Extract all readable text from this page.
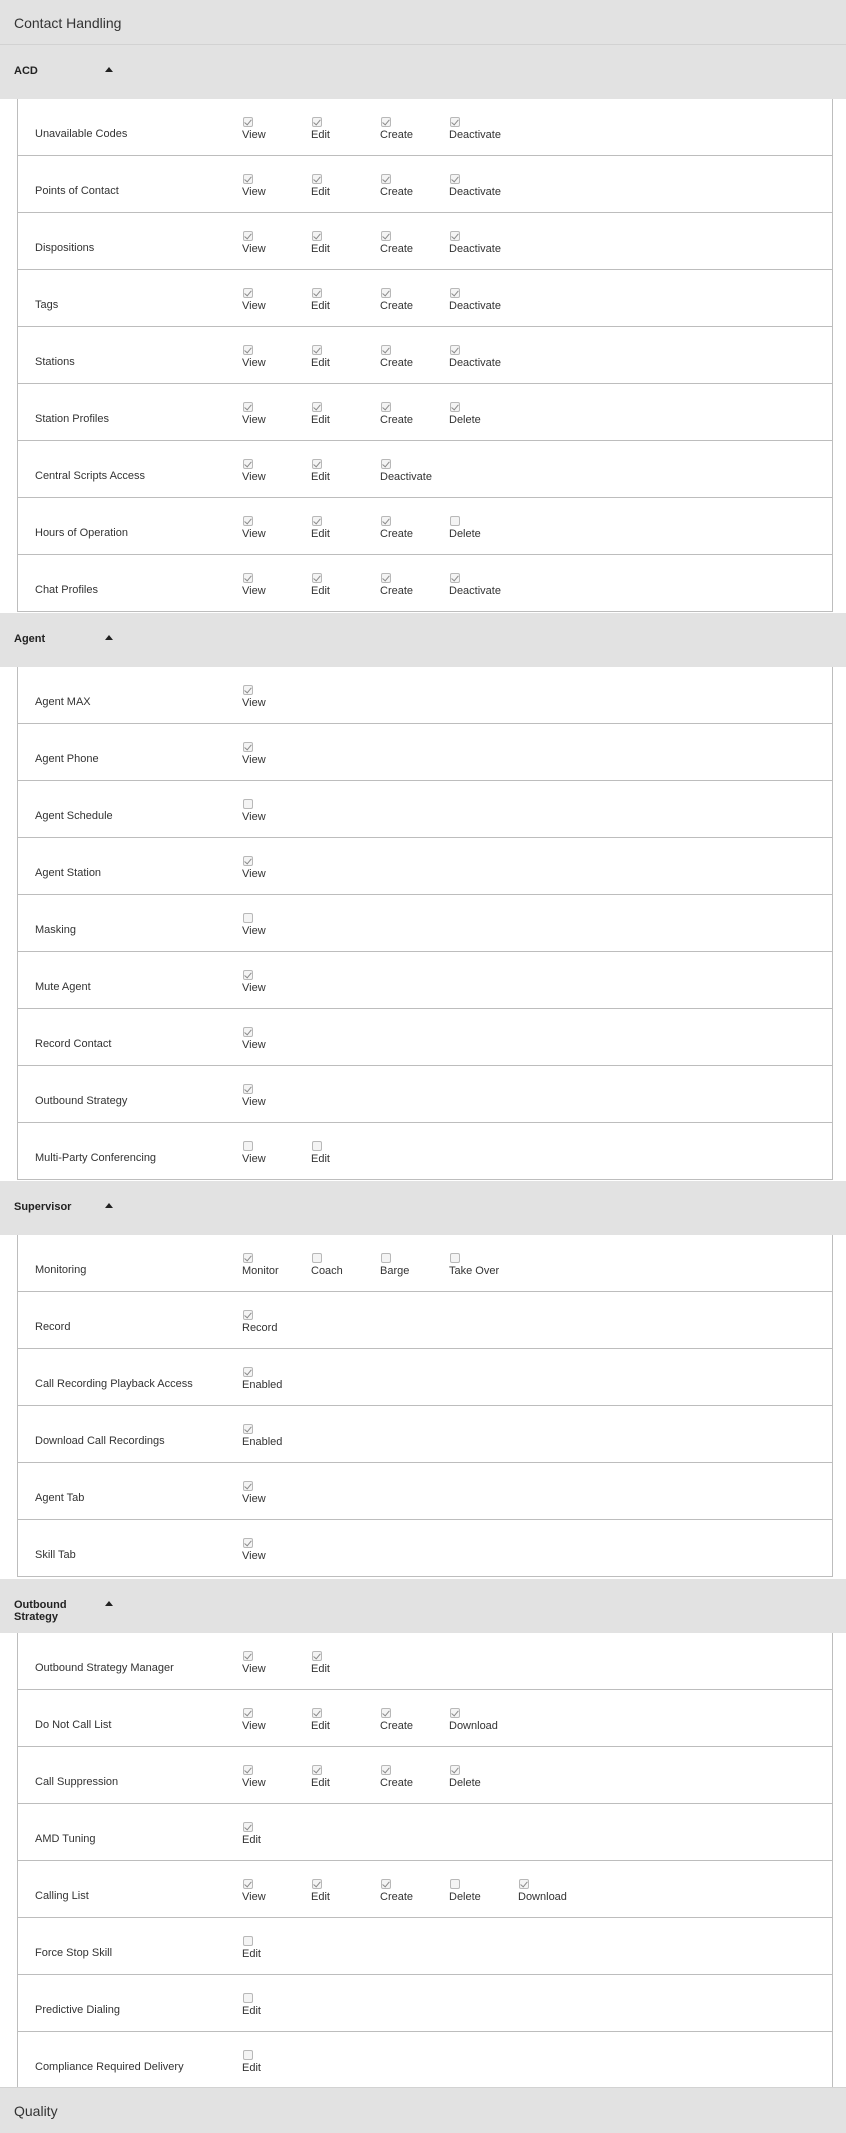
Contact Handling
ACD
Unavailable Codes	View	Edit	Create	Deactivate
Points of Contact	View	Edit	Create	Deactivate
Dispositions	View	Edit	Create	Deactivate
Tags	View	Edit	Create	Deactivate
Stations	View	Edit	Create	Deactivate
Station Profiles	View	Edit	Create	Delete
Central Scripts Access	View	Edit	Deactivate
Hours of Operation	View	Edit	Create	Delete
Chat Profiles	View	Edit	Create	Deactivate
Agent
Agent MAX	View
Agent Phone	View
Agent Schedule	View
Agent Station	View
Masking	View
Mute Agent	View
Record Contact	View
Outbound Strategy	View
Multi-Party Conferencing	View	Edit
Supervisor
Monitoring	Monitor	Coach	Barge	Take Over
Record	Record
Call Recording Playback Access	Enabled
Download Call Recordings	Enabled
Agent Tab	View
Skill Tab	View
Outbound Strategy
Outbound Strategy Manager	View	Edit
Do Not Call List	View	Edit	Create	Download
Call Suppression	View	Edit	Create	Delete
AMD Tuning	Edit
Calling List	View	Edit	Create	Delete	Download
Force Stop Skill	Edit
Predictive Dialing	Edit
Compliance Required Delivery	Edit
Quality
